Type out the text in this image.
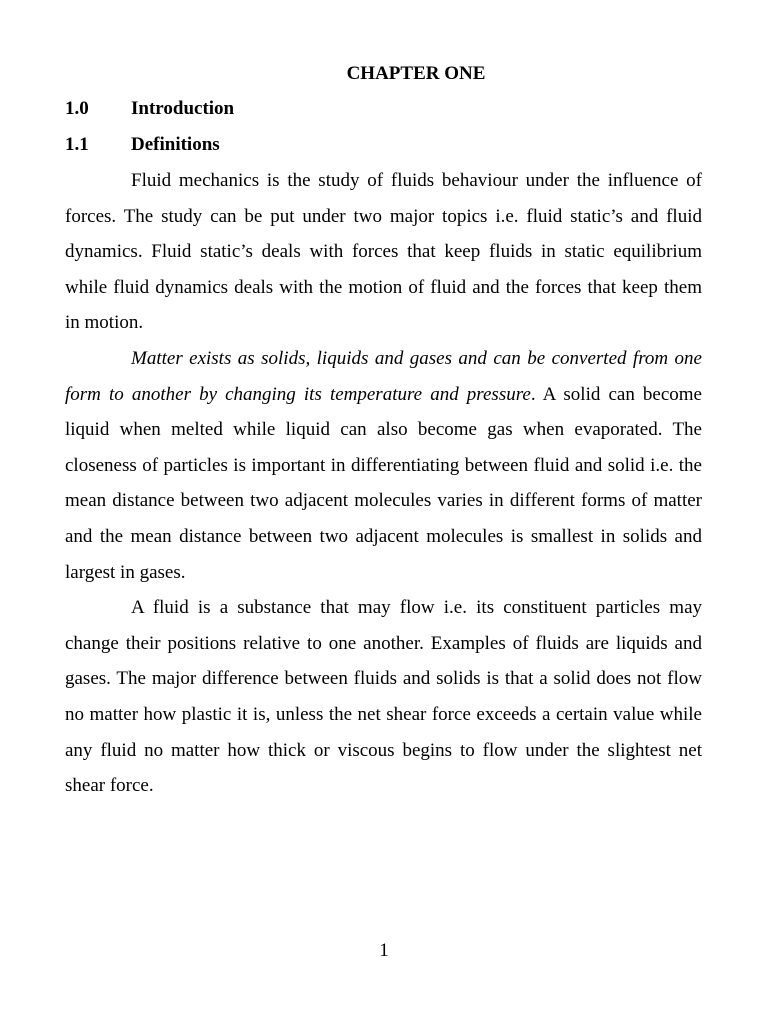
CHAPTER ONE
1.0 Introduction
1.1 Definitions

Fluid mechanics is the study of fluids behaviour under the influence of forces. The study can be put under two major topics i.e. fluid static’s and fluid dynamics. Fluid static’s deals with forces that keep fluids in static equilibrium while fluid dynamics deals with the motion of fluid and the forces that keep them in motion.

Matter exists as solids, liquids and gases and can be converted from one form to another by changing its temperature and pressure. A solid can become liquid when melted while liquid can also become gas when evaporated. The closeness of particles is important in differentiating between fluid and solid i.e. the mean distance between two adjacent molecules varies in different forms of matter and the mean distance between two adjacent molecules is smallest in solids and largest in gases.

A fluid is a substance that may flow i.e. its constituent particles may change their positions relative to one another. Examples of fluids are liquids and gases. The major difference between fluids and solids is that a solid does not flow no matter how plastic it is, unless the net shear force exceeds a certain value while any fluid no matter how thick or viscous begins to flow under the slightest net shear force.

1
